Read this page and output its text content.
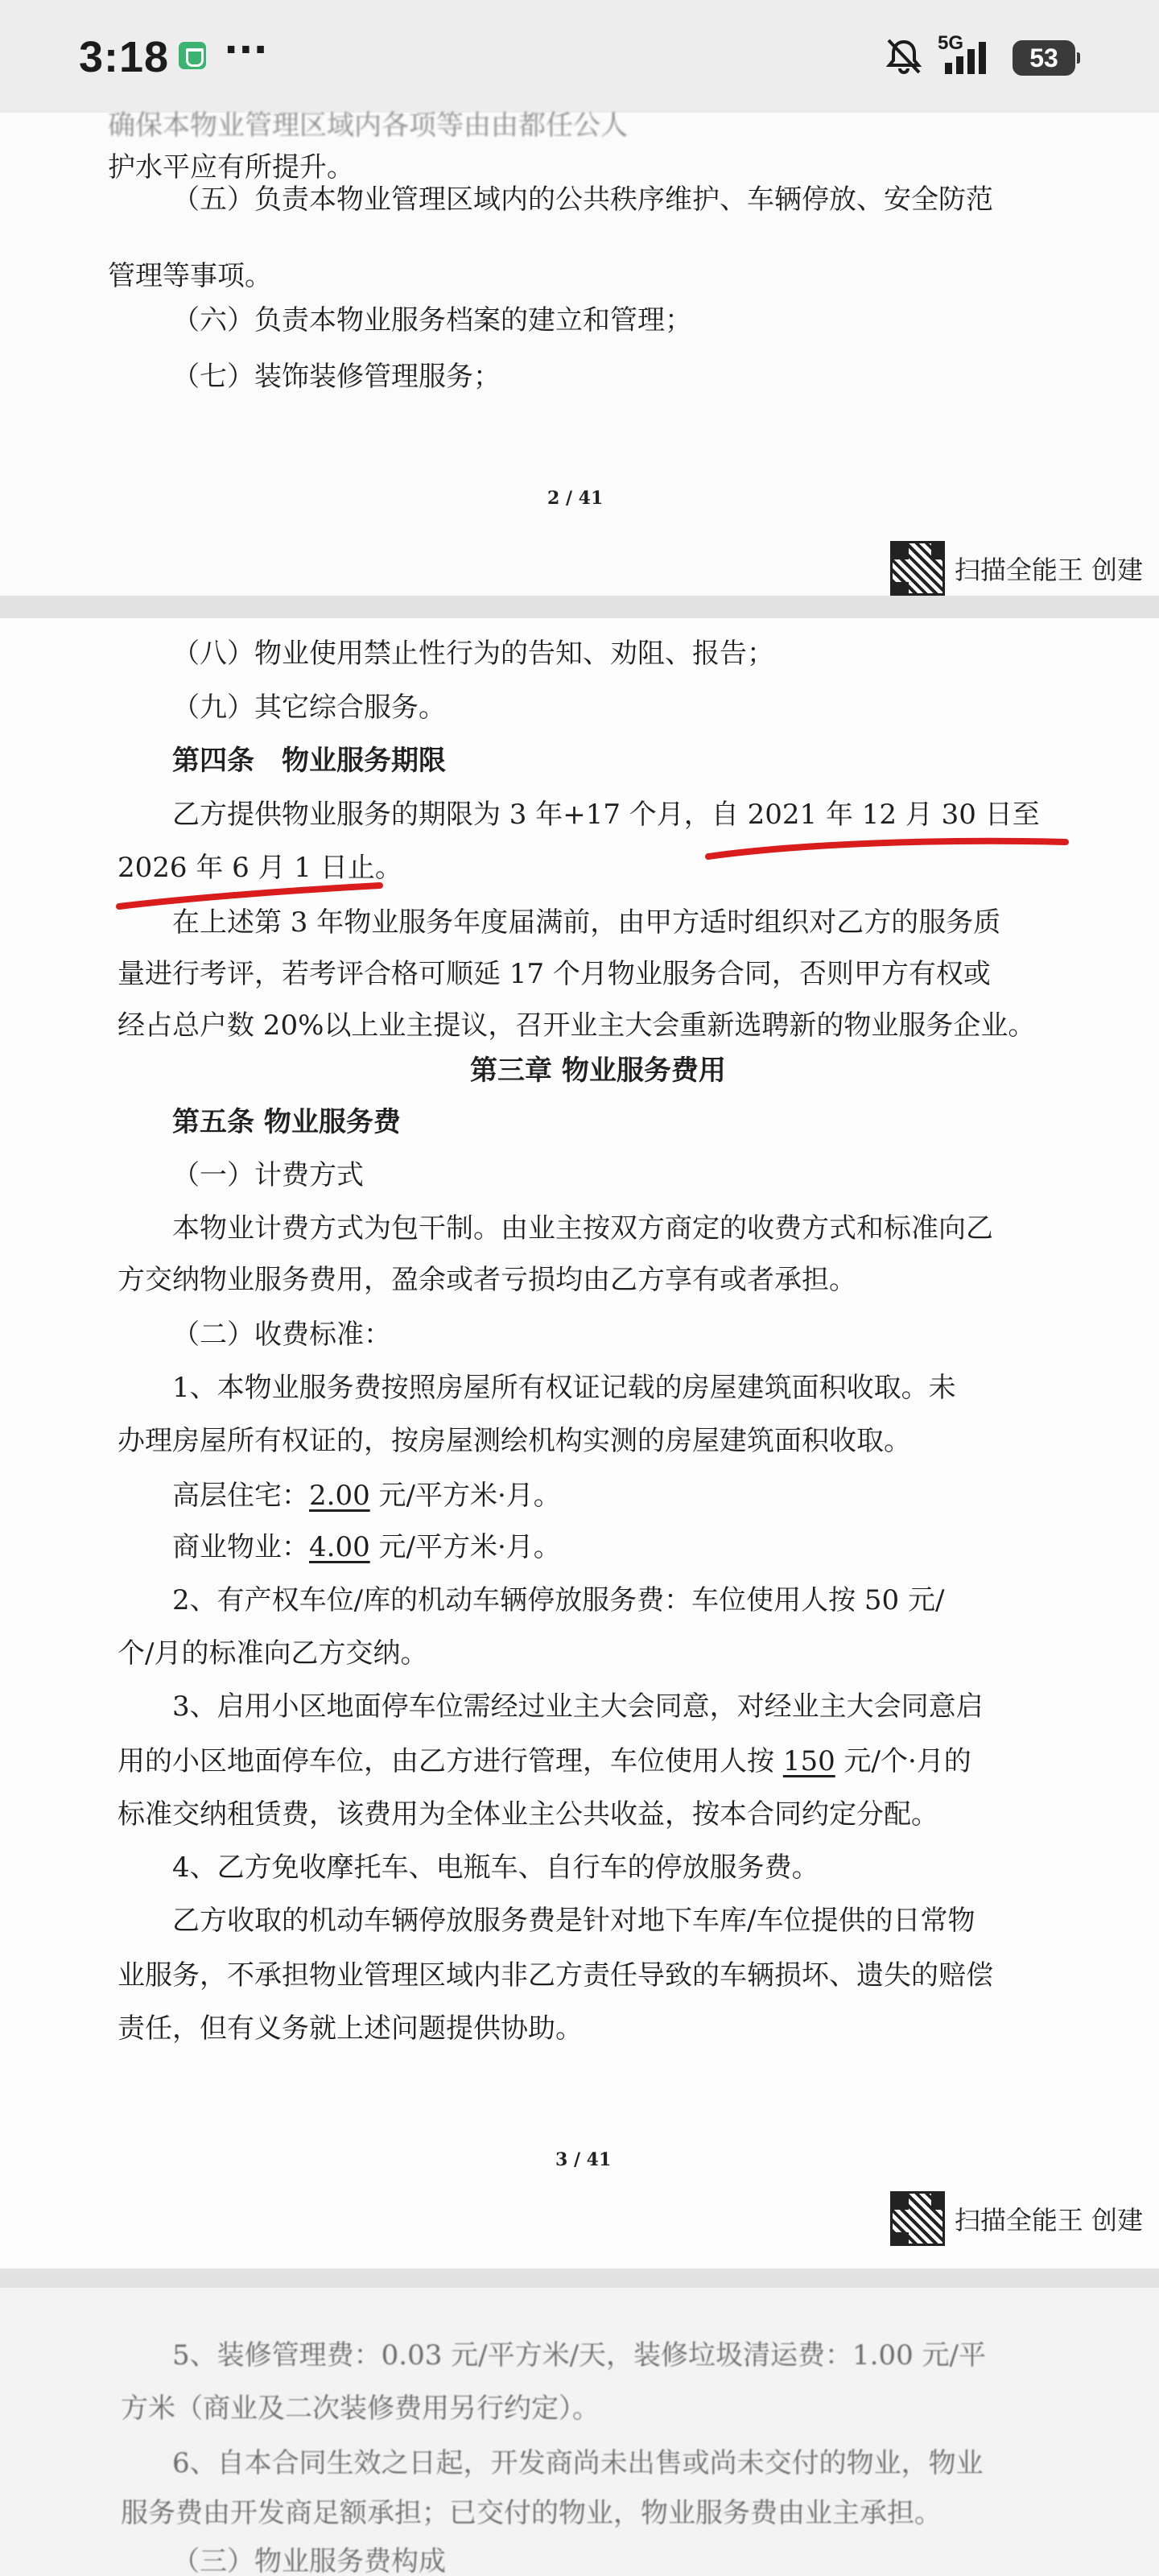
3:18 ···	5G
53
确保本物业管理区域内各项等由由都任公人
护水平应有所提升。
（五）负责本物业管理区域内的公共秩序维护、车辆停放、安全防范
管理等事项。
（六）负责本物业服务档案的建立和管理；
（七）装饰装修管理服务；
2 / 41
扫描全能王 创建
（八）物业使用禁止性行为的告知、劝阻、报告；
（九）其它综合服务。
第四条　物业服务期限
乙方提供物业服务的期限为 3 年+17 个月，自 2021 年 12 月 30 日至
2026 年 6 月 1 日止。
在上述第 3 年物业服务年度届满前，由甲方适时组织对乙方的服务质
量进行考评，若考评合格可顺延 17 个月物业服务合同，否则甲方有权或
经占总户数 20%以上业主提议，召开业主大会重新选聘新的物业服务企业。
第三章 物业服务费用
第五条 物业服务费
（一）计费方式
本物业计费方式为包干制。由业主按双方商定的收费方式和标准向乙
方交纳物业服务费用，盈余或者亏损均由乙方享有或者承担。
（二）收费标准：
1、本物业服务费按照房屋所有权证记载的房屋建筑面积收取。未
办理房屋所有权证的，按房屋测绘机构实测的房屋建筑面积收取。
高层住宅：2.00 元/平方米·月。
商业物业：4.00 元/平方米·月。
2、有产权车位/库的机动车辆停放服务费：车位使用人按 50 元/
个/月的标准向乙方交纳。
3、启用小区地面停车位需经过业主大会同意，对经业主大会同意启
用的小区地面停车位，由乙方进行管理，车位使用人按 150 元/个·月的
标准交纳租赁费，该费用为全体业主公共收益，按本合同约定分配。
4、乙方免收摩托车、电瓶车、自行车的停放服务费。
乙方收取的机动车辆停放服务费是针对地下车库/车位提供的日常物
业服务，不承担物业管理区域内非乙方责任导致的车辆损坏、遗失的赔偿
责任，但有义务就上述问题提供协助。
3 / 41
扫描全能王 创建
5、装修管理费：0.03 元/平方米/天，装修垃圾清运费：1.00 元/平
方米（商业及二次装修费用另行约定）。
6、自本合同生效之日起，开发商尚未出售或尚未交付的物业，物业
服务费由开发商足额承担；已交付的物业，物业服务费由业主承担。
（三）物业服务费构成
